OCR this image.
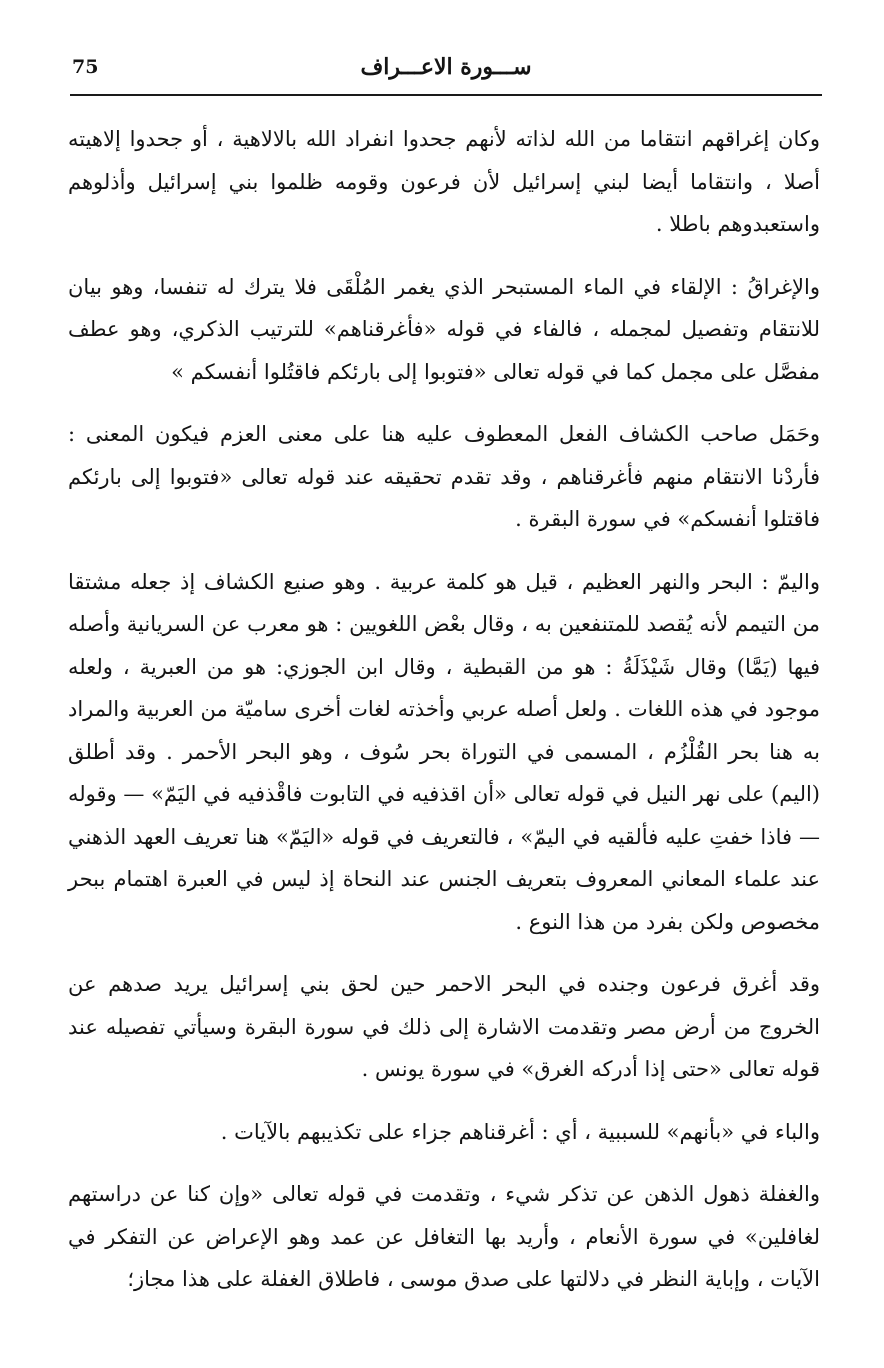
75	ســـورة الاعـــراف

وكان إغراقهم انتقاما من الله لذاته لأنهم جحدوا انفراد الله بالالاهية ، أو جحدوا إلاهيته أصلا ، وانتقاما أيضا لبني إسرائيل لأن فرعون وقومه ظلموا بني إسرائيل وأذلوهم واستعبدوهم باطلا .

والإغراقُ : الإلقاء في الماء المستبحر الذي يغمر المُلْقَى فلا يترك له تنفسا، وهو بيان للانتقام وتفصيل لمجمله ، فالفاء في قوله «فأغرقناهم» للترتيب الذكري، وهو عطف مفصَّل على مجمل كما في قوله تعالى «فتوبوا إلى بارئكم فاقتُلوا أنفسكم »

وحَمَل صاحب الكشاف الفعل المعطوف عليه هنا على معنى العزم فيكون المعنى : فأردْنا الانتقام منهم فأغرقناهم ، وقد تقدم تحقيقه عند قوله تعالى «فتوبوا إلى بارئكم فاقتلوا أنفسكم» في سورة البقرة .

واليمّ : البحر والنهر العظيم ، قيل هو كلمة عربية . وهو صنيع الكشاف إذ جعله مشتقا من التيمم لأنه يُقصد للمتنفعين به ، وقال بعْض اللغويين : هو معرب عن السريانية وأصله فيها (يَمَّا) وقال شَيْذَلَةُ : هو من القبطية ، وقال ابن الجوزي: هو من العبرية ، ولعله موجود في هذه اللغات . ولعل أصله عربي وأخذته لغات أخرى ساميّة من العربية والمراد به هنا بحر القُلْزُم ، المسمى في التوراة بحر سُوف ، وهو البحر الأحمر . وقد أطلق (اليم) على نهر النيل في قوله تعالى «أن اقذفيه في التابوت فاقْذفيه في اليَمّ» — وقوله — فاذا خفتِ عليه فألقيه في اليمّ» ، فالتعريف في قوله «اليَمّ» هنا تعريف العهد الذهني عند علماء المعاني المعروف بتعريف الجنس عند النحاة إذ ليس في العبرة اهتمام ببحر مخصوص ولكن بفرد من هذا النوع .

وقد أغرق فرعون وجنده في البحر الاحمر حين لحق بني إسرائيل يريد صدهم عن الخروج من أرض مصر وتقدمت الاشارة إلى ذلك في سورة البقرة وسيأتي تفصيله عند قوله تعالى «حتى إذا أدركه الغرق» في سورة يونس .

والباء في «بأنهم» للسببية ، أي : أغرقناهم جزاء على تكذيبهم بالآيات .

والغفلة ذهول الذهن عن تذكر شيء ، وتقدمت في قوله تعالى «وإن كنا عن دراستهم لغافلين» في سورة الأنعام ، وأريد بها التغافل عن عمد وهو الإعراض عن التفكر في الآيات ، وإباية النظر في دلالتها على صدق موسى ، فاطلاق الغفلة على هذا مجاز؛
